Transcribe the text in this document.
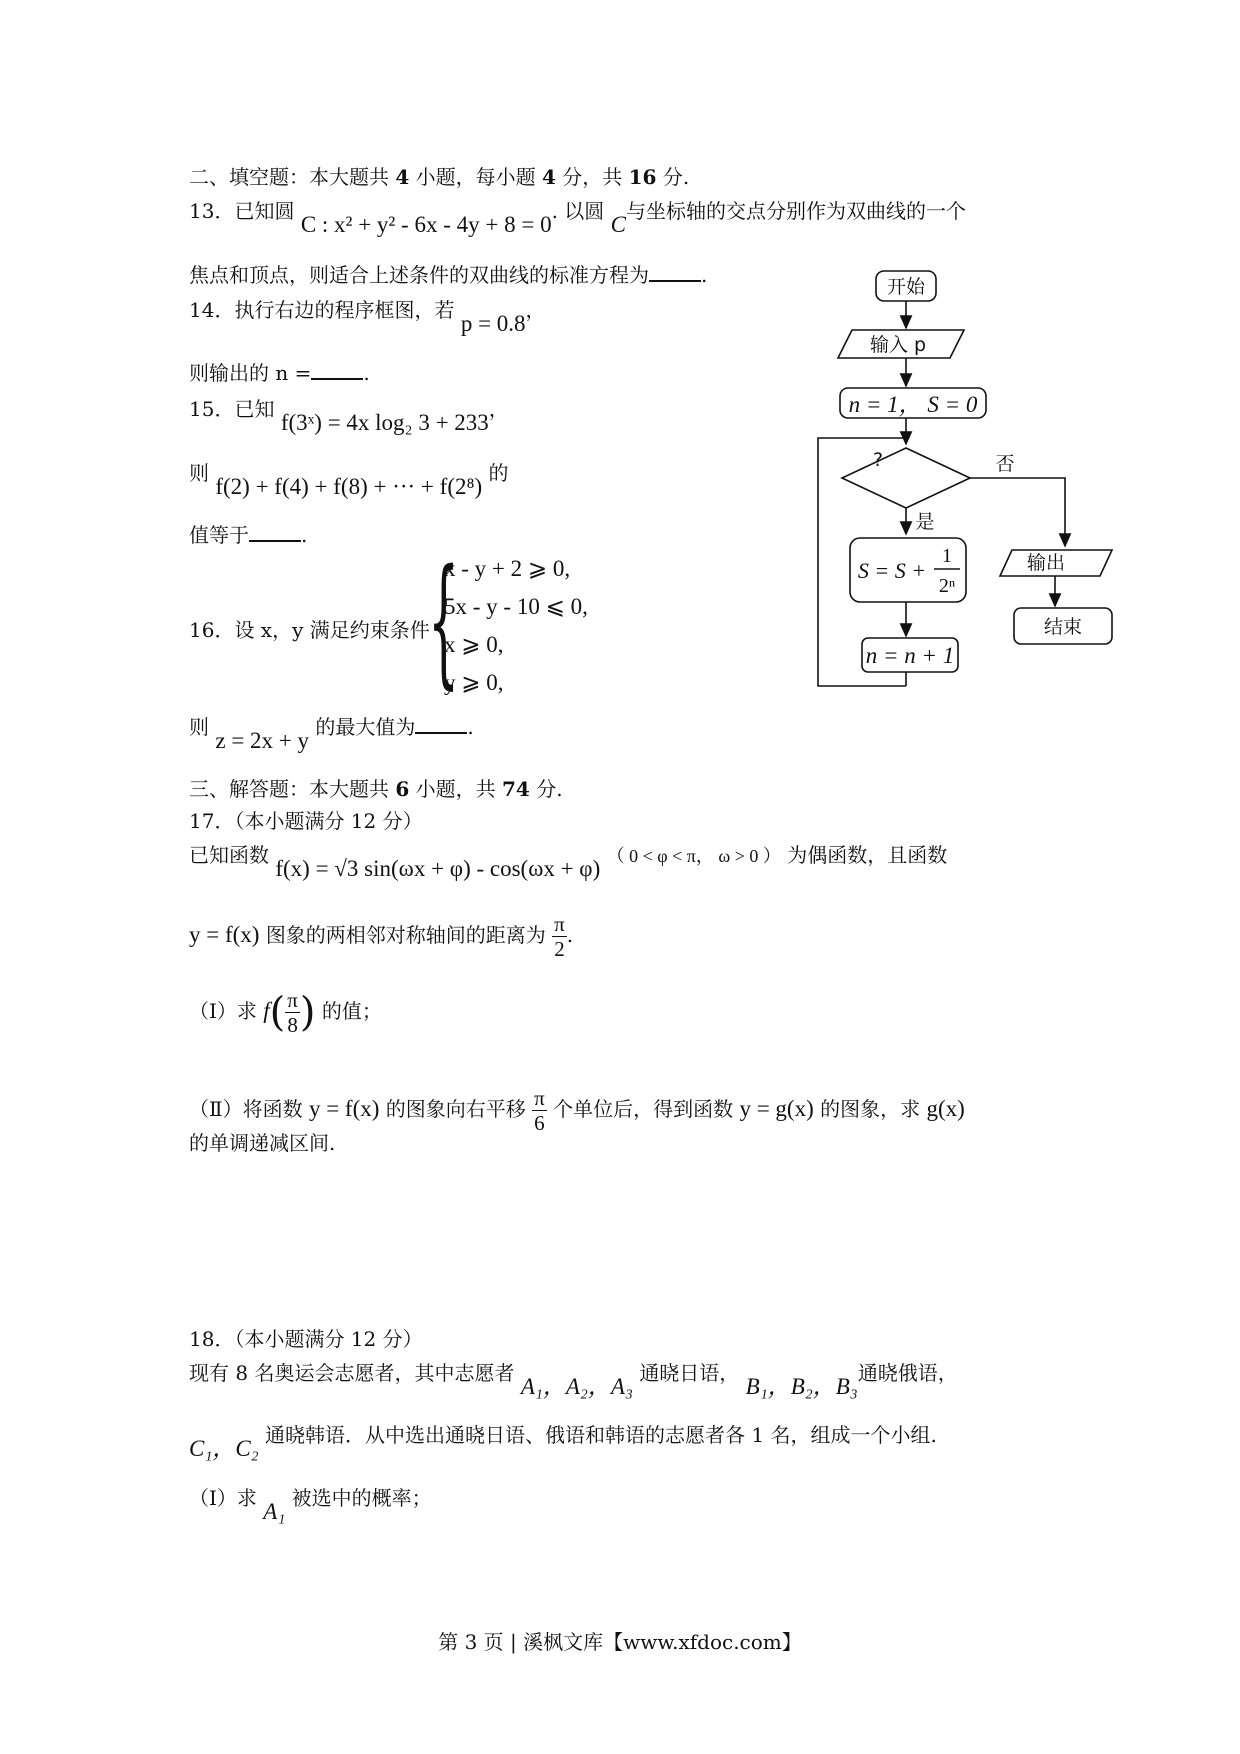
二、填空题：本大题共 4 小题，每小题 4 分，共 16 分.
13．已知圆 C : x² + y² - 6x - 4y + 8 = 0. 以圆 C与坐标轴的交点分别作为双曲线的一个
焦点和顶点，则适合上述条件的双曲线的标准方程为	.
14．执行右边的程序框图，若 p = 0.8，
则输出的 n =	.
15．已知 f(3ˣ) = 4x log₂ 3 + 233，
则 f(2) + f(4) + f(8) + ··· + f(2⁸) 的
值等于	.
16．设 x，y 满足约束条件
{
x - y + 2 ⩾ 0,
5x - y - 10 ⩽ 0,
x ⩾ 0,
y ⩾ 0,
则 z = 2x + y 的最大值为	.
三、解答题：本大题共 6 小题，共 74 分.
17．（本小题满分 12 分）
已知函数 f(x) = √3 sin(ωx + φ) - cos(ωx + φ) （ 0 < φ < π， ω > 0 ） 为偶函数，且函数
y = f(x) 图象的两相邻对称轴间的距离为 $\frac{\pi}{2}$ .
（Ⅰ）求 $f( \frac{\pi}{8}$ ) 的值；
（Ⅱ）将函数 y = f(x) 的图象向右平移 $\frac{\pi}{6}$ 个单位后，得到函数 y = g(x) 的图象，求 g(x)
的单调递减区间.
18．（本小题满分 12 分）
现有 8 名奥运会志愿者，其中志愿者 A₁，A₂，A₃ 通晓日语， B₁，B₂，B₃通晓俄语，
C₁，C₂ 通晓韩语．从中选出通晓日语、俄语和韩语的志愿者各 1 名，组成一个小组.
（Ⅰ）求 A₁ 被选中的概率；
开始
输入 p
n = 1， S = 0
?	否
是
S = S +
1
2ⁿ
n = n + 1
输出
结束
第 3 页 | 溪枫文库【www.xfdoc.com】
